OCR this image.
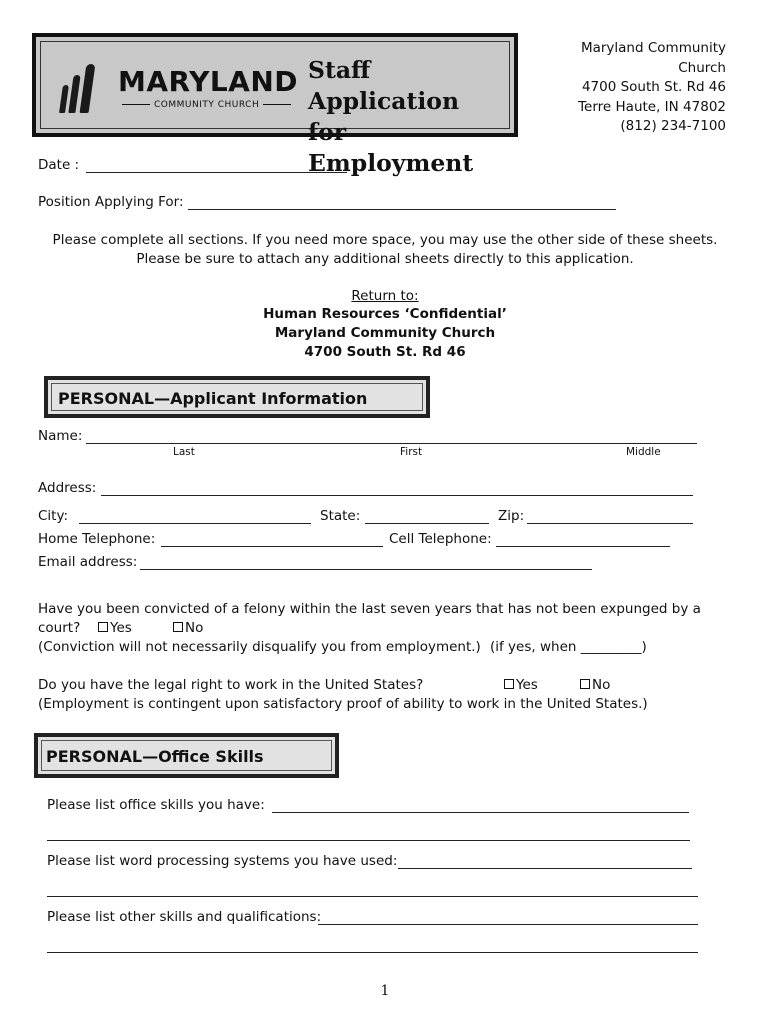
MARYLAND
COMMUNITY CHURCH
Staff Application
for Employment
Maryland Community
Church
4700 South St. Rd 46
Terre Haute, IN 47802
(812) 234-7100
Date :
Position Applying For:
Please complete all sections. If you need more space, you may use the other side of these sheets.
Please be sure to attach any additional sheets directly to this application.
Return to:
Human Resources ‘Confidential’
Maryland Community Church
4700 South St. Rd 46
PERSONAL—Applicant Information
Name:
Last	First	Middle
Address:
City:	State:	Zip:
Home Telephone:	Cell Telephone:
Email address:
Have you been convicted of a felony within the last seven years that has not been expunged by a
court?	Yes	No
(Conviction will not necessarily disqualify you from employment.) (if yes, when _________)
Do you have the legal right to work in the United States?	Yes	No
(Employment is contingent upon satisfactory proof of ability to work in the United States.)
PERSONAL—Office Skills
Please list office skills you have:
Please list word processing systems you have used:
Please list other skills and qualifications:
1
